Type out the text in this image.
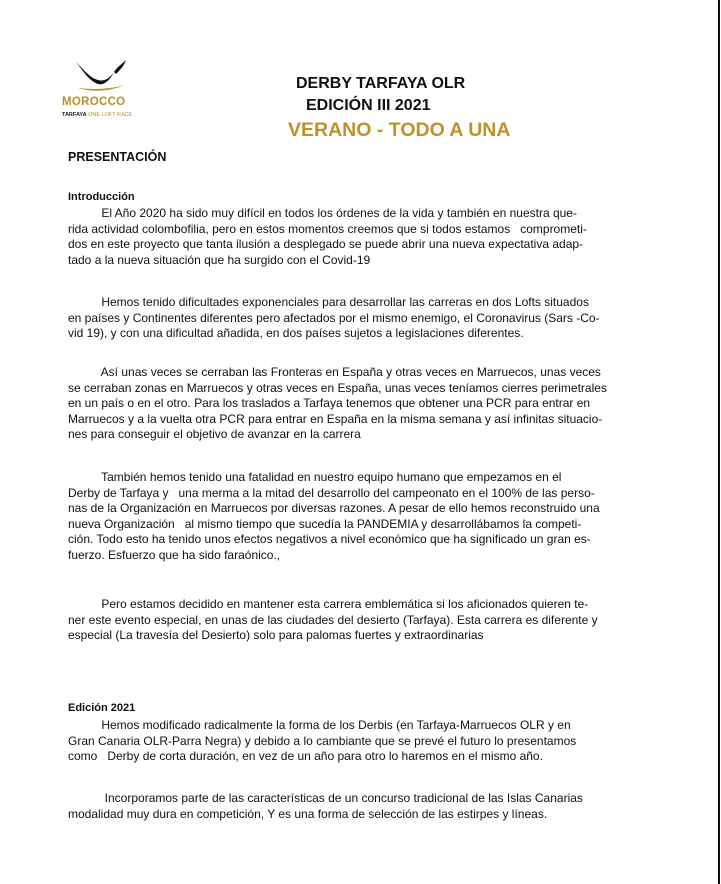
MOROCCO
TARFAYA ONE LOFT RACE
DERBY TARFAYA OLR
EDICIÓN III 2021
VERANO - TODO A UNA
PRESENTACIÓN
Introducción
El Año 2020 ha sido muy difícil en todos los órdenes de la vida y también en nuestra que-
rida actividad colombofilia, pero en estos momentos creemos que si todos estamos   comprometi-
dos en este proyecto que tanta ilusión a desplegado se puede abrir una nueva expectativa adap-
tado a la nueva situación que ha surgido con el Covid-19
Hemos tenido dificultades exponenciales para desarrollar las carreras en dos Lofts situados
en países y Continentes diferentes pero afectados por el mismo enemigo, el Coronavirus (Sars -Co-
vid 19), y con una dificultad añadida, en dos países sujetos a legislaciones diferentes.
Así unas veces se cerraban las Fronteras en España y otras veces en Marruecos, unas veces
se cerraban zonas en Marruecos y otras veces en España, unas veces teníamos cierres perimetrales
en un país o en el otro. Para los traslados a Tarfaya tenemos que obtener una PCR para entrar en
Marruecos y a la vuelta otra PCR para entrar en España en la misma semana y así infinitas situacio-
nes para conseguir el objetivo de avanzar en la carrera
También hemos tenido una fatalidad en nuestro equipo humano que empezamos en el
Derby de Tarfaya y   una merma a la mitad del desarrollo del campeonato en el 100% de las perso-
nas de la Organización en Marruecos por diversas razones. A pesar de ello hemos reconstruido una
nueva Organización   al mismo tiempo que sucedía la PANDEMIA y desarrollábamos la competi-
ción. Todo esto ha tenido unos efectos negativos a nivel económico que ha significado un gran es-
fuerzo. Esfuerzo que ha sido faraónico.,
Pero estamos decidido en mantener esta carrera emblemática si los aficionados quieren te-
ner este evento especial, en unas de las ciudades del desierto (Tarfaya). Esta carrera es diferente y
especial (La travesía del Desierto) solo para palomas fuertes y extraordinarias
Edición 2021
Hemos modificado radicalmente la forma de los Derbis (en Tarfaya-Marruecos OLR y en
Gran Canaria OLR-Parra Negra) y debido a lo cambiante que se prevé el futuro lo presentamos
como   Derby de corta duración, en vez de un año para otro lo haremos en el mismo año.
Incorporamos parte de las características de un concurso tradicional de las Islas Canarias
modalidad muy dura en competición, Y es una forma de selección de las estirpes y líneas.
